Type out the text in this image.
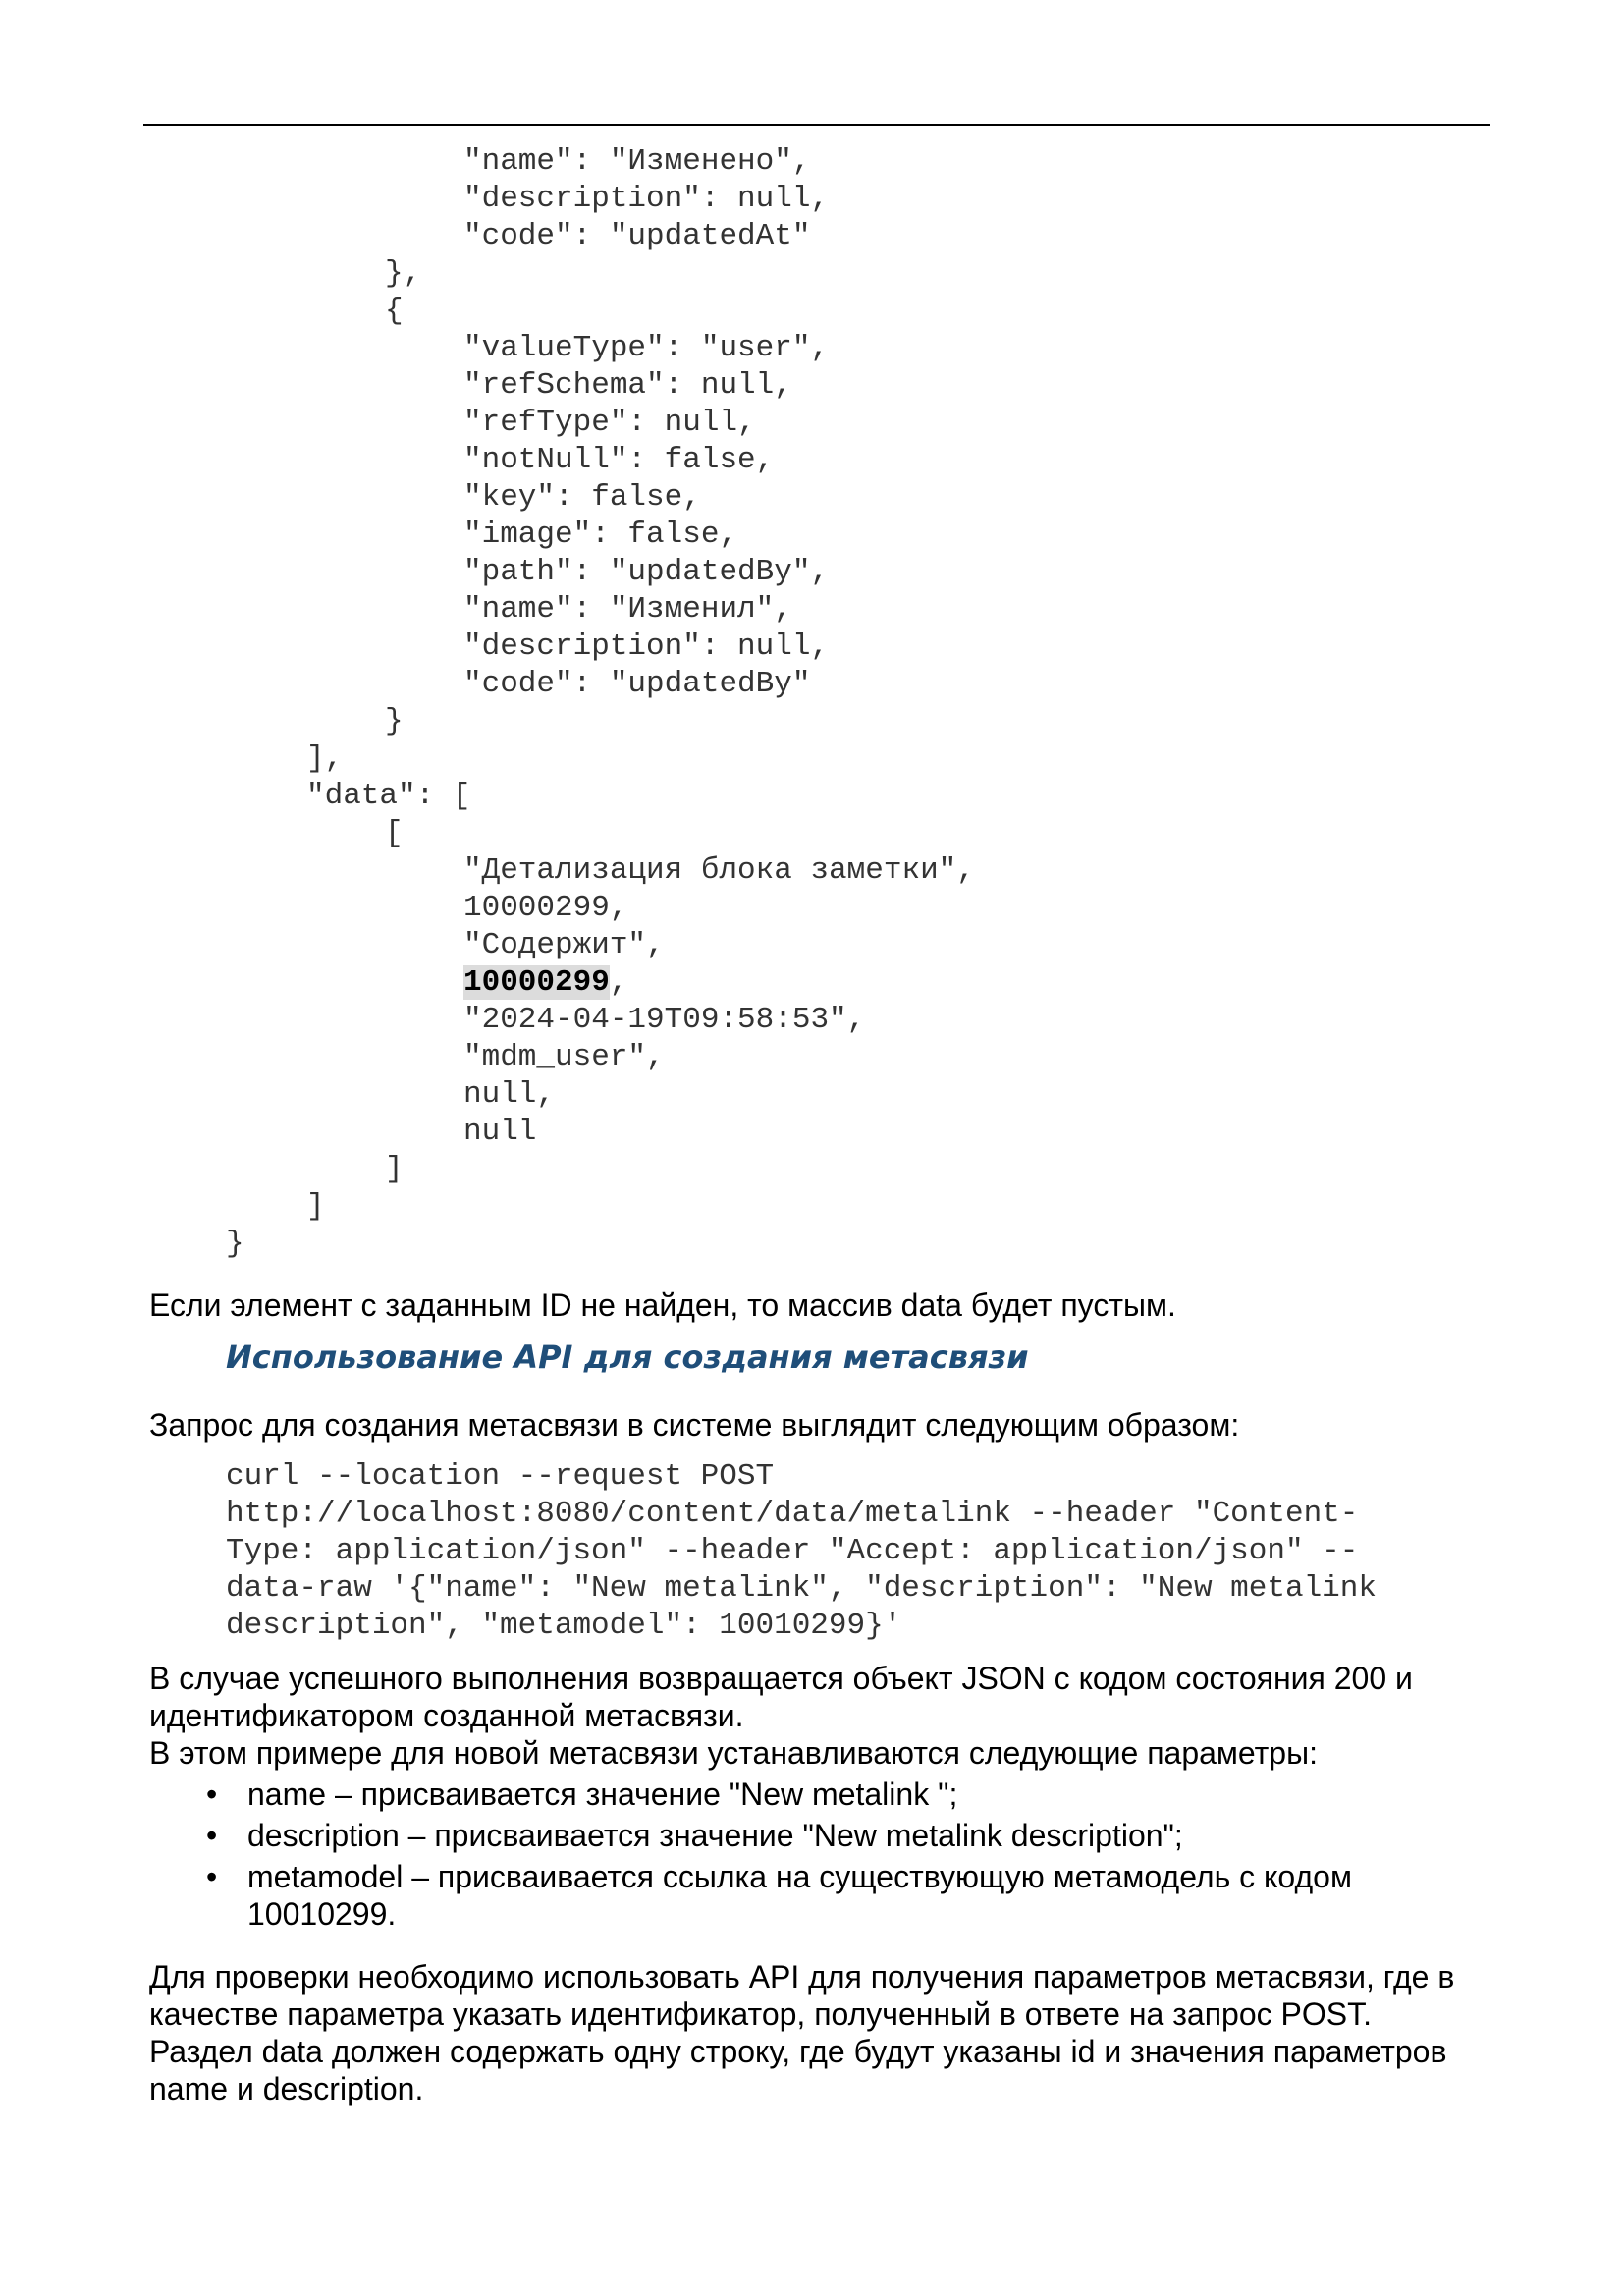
"name": "Изменено",
"description": null,
"code": "updatedAt"
},
{
"valueType": "user",
"refSchema": null,
"refType": null,
"notNull": false,
"key": false,
"image": false,
"path": "updatedBy",
"name": "Изменил",
"description": null,
"code": "updatedBy"
}
],
"data": [
[
"Детализация блока заметки",
10000299,
"Содержит",
10000299,
"2024-04-19T09:58:53",
"mdm_user",
null,
null
]
]
}
Если элемент с заданным ID не найден, то массив data будет пустым.
Использование API для создания метасвязи
Запрос для создания метасвязи в системе выглядит следующим образом:
curl --location --request POST
http://localhost:8080/content/data/metalink --header "Content-
Type: application/json" --header "Accept: application/json" --
data-raw '{"name": "New metalink", "description": "New metalink
description", "metamodel": 10010299}'

В случае успешного выполнения возвращается объект JSON с кодом состояния 200 и идентификатором созданной метасвязи.

В этом примере для новой метасвязи устанавливаются следующие параметры:

• name – присваивается значение "New metalink ";
• description – присваивается значение "New metalink description";
• metamodel – присваивается ссылка на существующую метамодель с кодом 10010299.

Для проверки необходимо использовать API для получения параметров метасвязи, где в качестве параметра указать идентификатор, полученный в ответе на запрос POST.

Раздел data должен содержать одну строку, где будут указаны id и значения параметров name и description.
